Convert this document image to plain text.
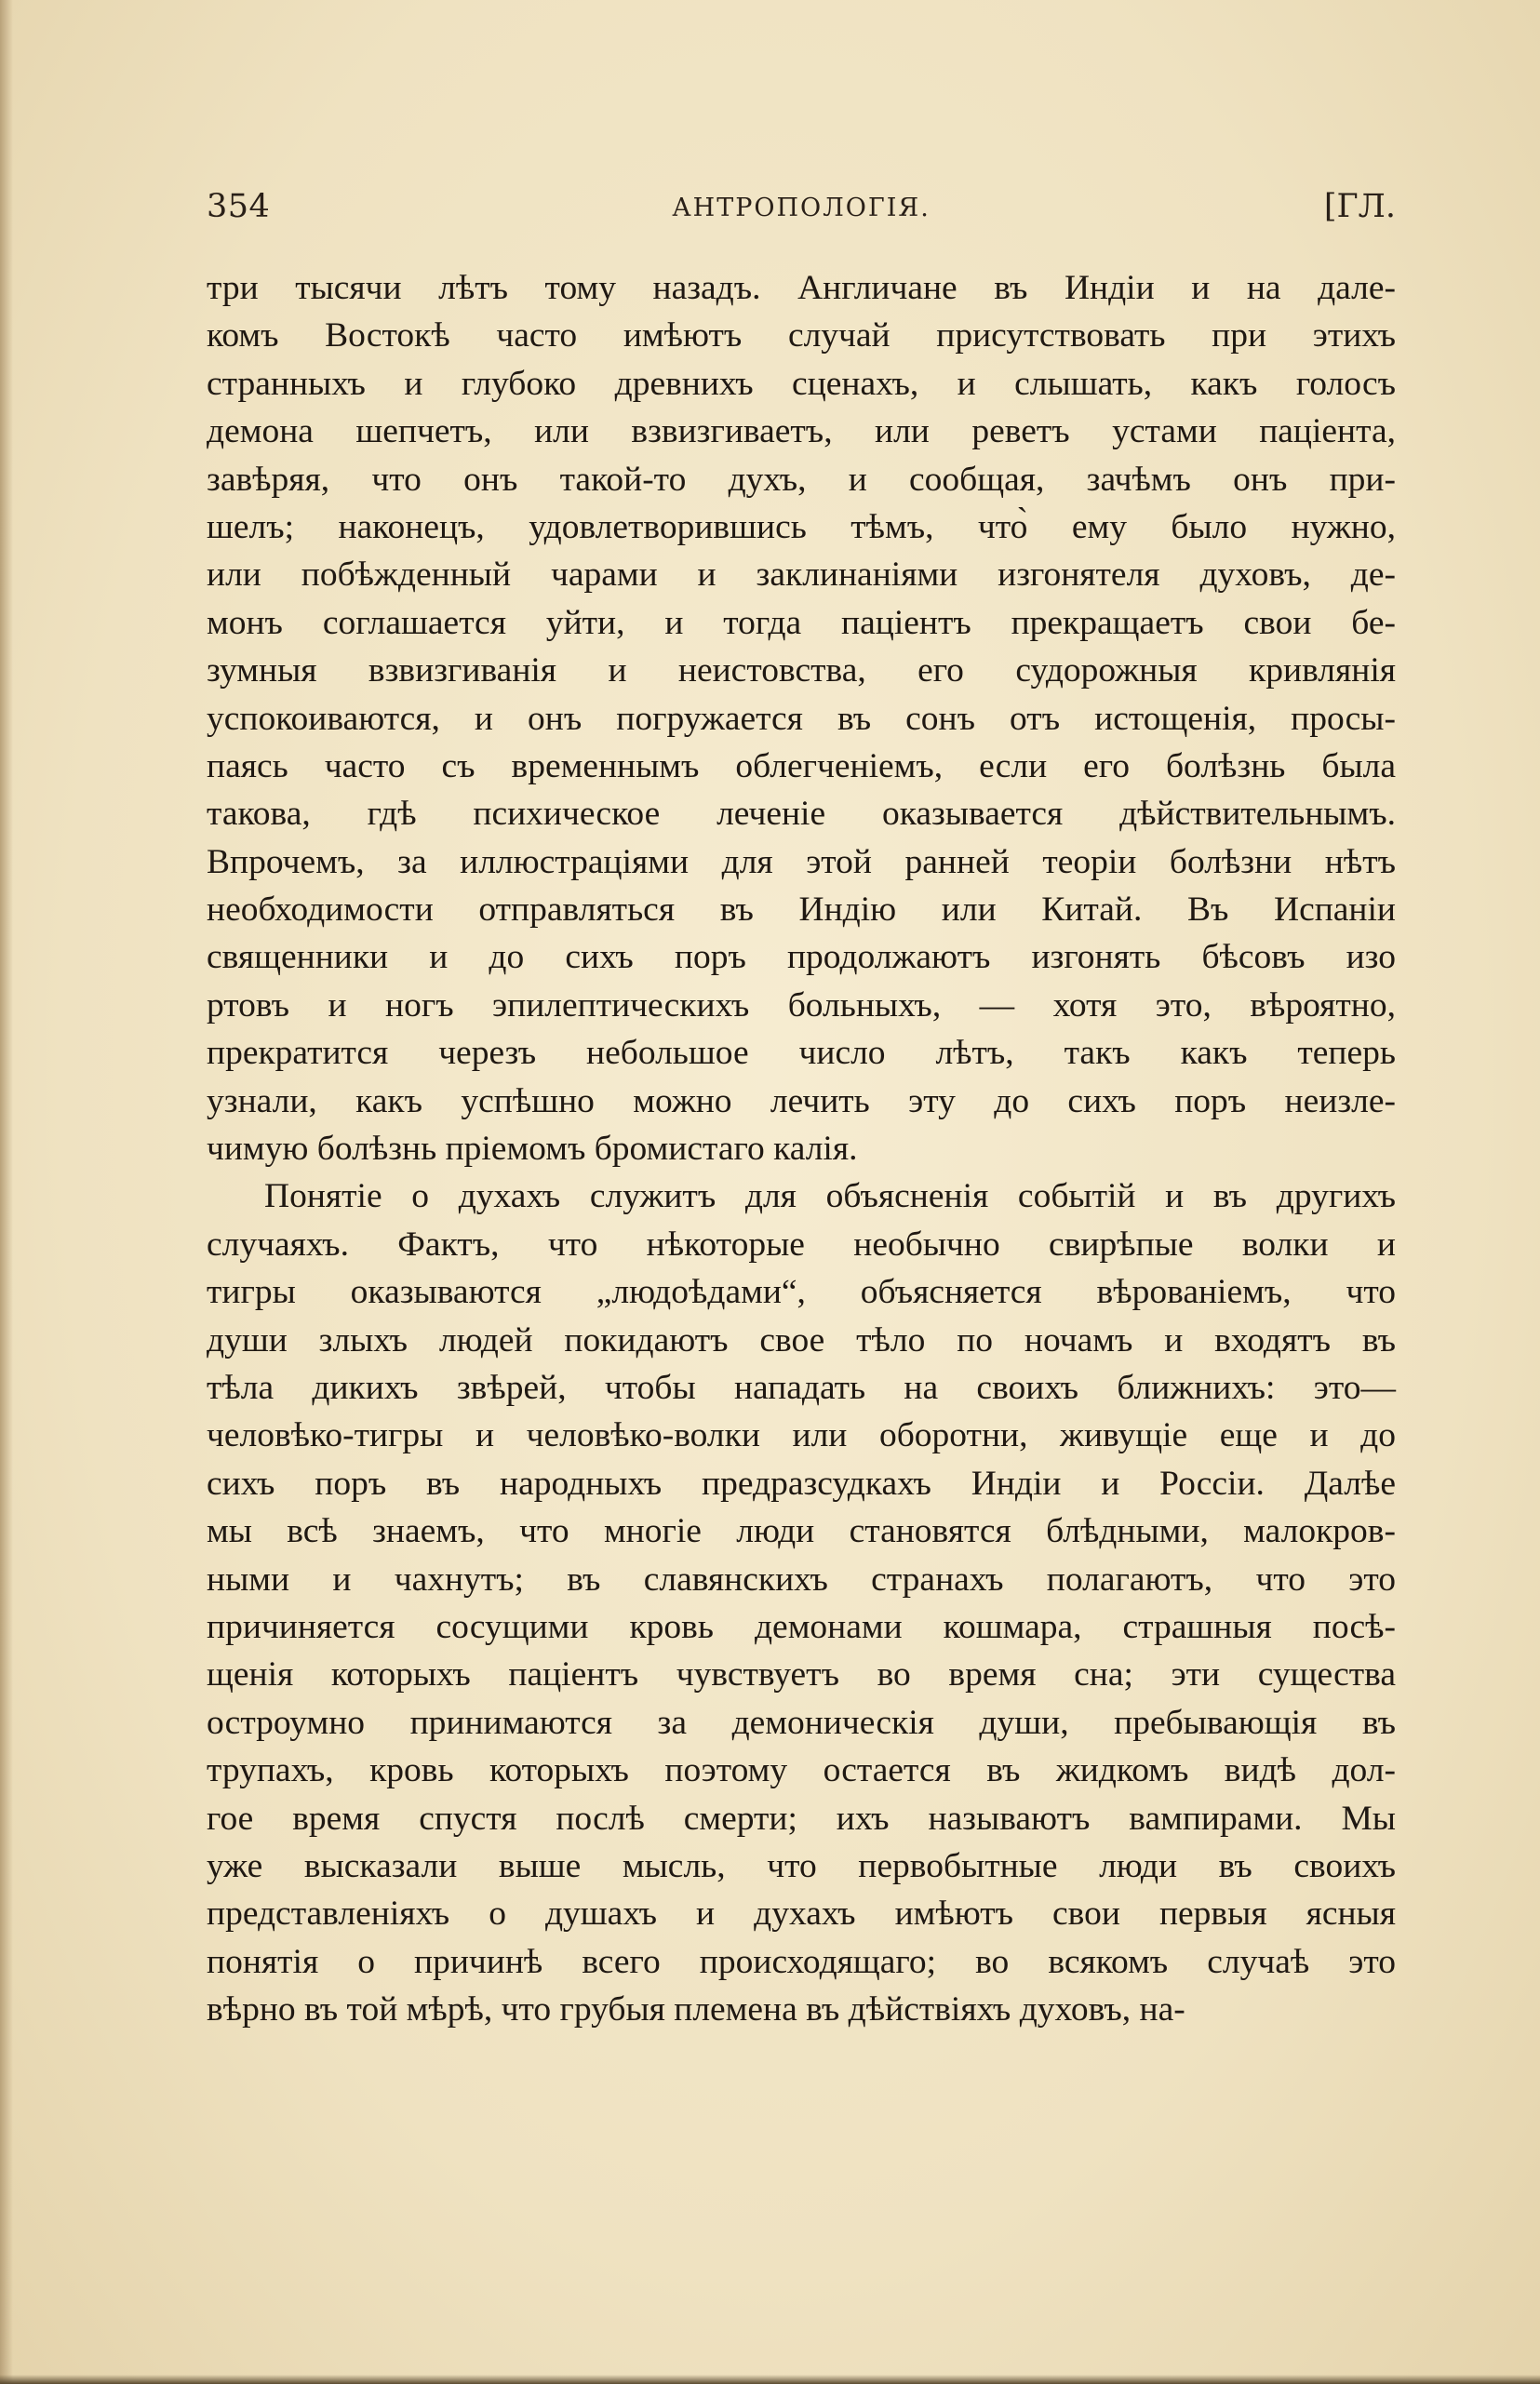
354	АНТРОПОЛОГІЯ.	[ГЛ.
три тысячи лѣтъ тому назадъ. Англичане въ Индіи и на дале-
комъ Востокѣ часто имѣютъ случай присутствовать при этихъ
странныхъ и глубоко древнихъ сценахъ, и слышать, какъ голосъ
демона шепчетъ, или взвизгиваетъ, или реветъ устами паціента,
завѣряя, что онъ такой-то духъ, и сообщая, зачѣмъ онъ при-
шелъ; наконецъ, удовлетворившись тѣмъ, что̀ ему было нужно,
или побѣжденный чарами и заклинаніями изгонятеля духовъ, де-
монъ соглашается уйти, и тогда паціентъ прекращаетъ свои бе-
зумныя взвизгиванія и неистовства, его судорожныя кривлянія
успокоиваются, и онъ погружается въ сонъ отъ истощенія, просы-
паясь часто съ временнымъ облегченіемъ, если его болѣзнь была
такова, гдѣ психическое леченіе оказывается дѣйствительнымъ.
Впрочемъ, за иллюстраціями для этой ранней теоріи болѣзни нѣтъ
необходимости отправляться въ Индію или Китай. Въ Испаніи
священники и до сихъ поръ продолжаютъ изгонять бѣсовъ изо
ртовъ и ногъ эпилептическихъ больныхъ, — хотя это, вѣроятно,
прекратится черезъ небольшое число лѣтъ, такъ какъ теперь
узнали, какъ успѣшно можно лечить эту до сихъ поръ неизле-
чимую болѣзнь пріемомъ бромистаго калія.
Понятіе о духахъ служитъ для объясненія событій и въ другихъ
случаяхъ. Фактъ, что нѣкоторые необычно свирѣпые волки и
тигры оказываются „людоѣдами“, объясняется вѣрованіемъ, что
души злыхъ людей покидаютъ свое тѣло по ночамъ и входятъ въ
тѣла дикихъ звѣрей, чтобы нападать на своихъ ближнихъ: это—
человѣко-тигры и человѣко-волки или оборотни, живущіе еще и до
сихъ поръ въ народныхъ предразсудкахъ Индіи и Россіи. Далѣе
мы всѣ знаемъ, что многіе люди становятся блѣдными, малокров-
ными и чахнутъ; въ славянскихъ странахъ полагаютъ, что это
причиняется сосущими кровь демонами кошмара, страшныя посѣ-
щенія которыхъ паціентъ чувствуетъ во время сна; эти существа
остроумно принимаются за демоническія души, пребывающія въ
трупахъ, кровь которыхъ поэтому остается въ жидкомъ видѣ дол-
гое время спустя послѣ смерти; ихъ называютъ вампирами. Мы
уже высказали выше мысль, что первобытные люди въ своихъ
представленіяхъ о душахъ и духахъ имѣютъ свои первыя ясныя
понятія о причинѣ всего происходящаго; во всякомъ случаѣ это
вѣрно въ той мѣрѣ, что грубыя племена въ дѣйствіяхъ духовъ, на-
